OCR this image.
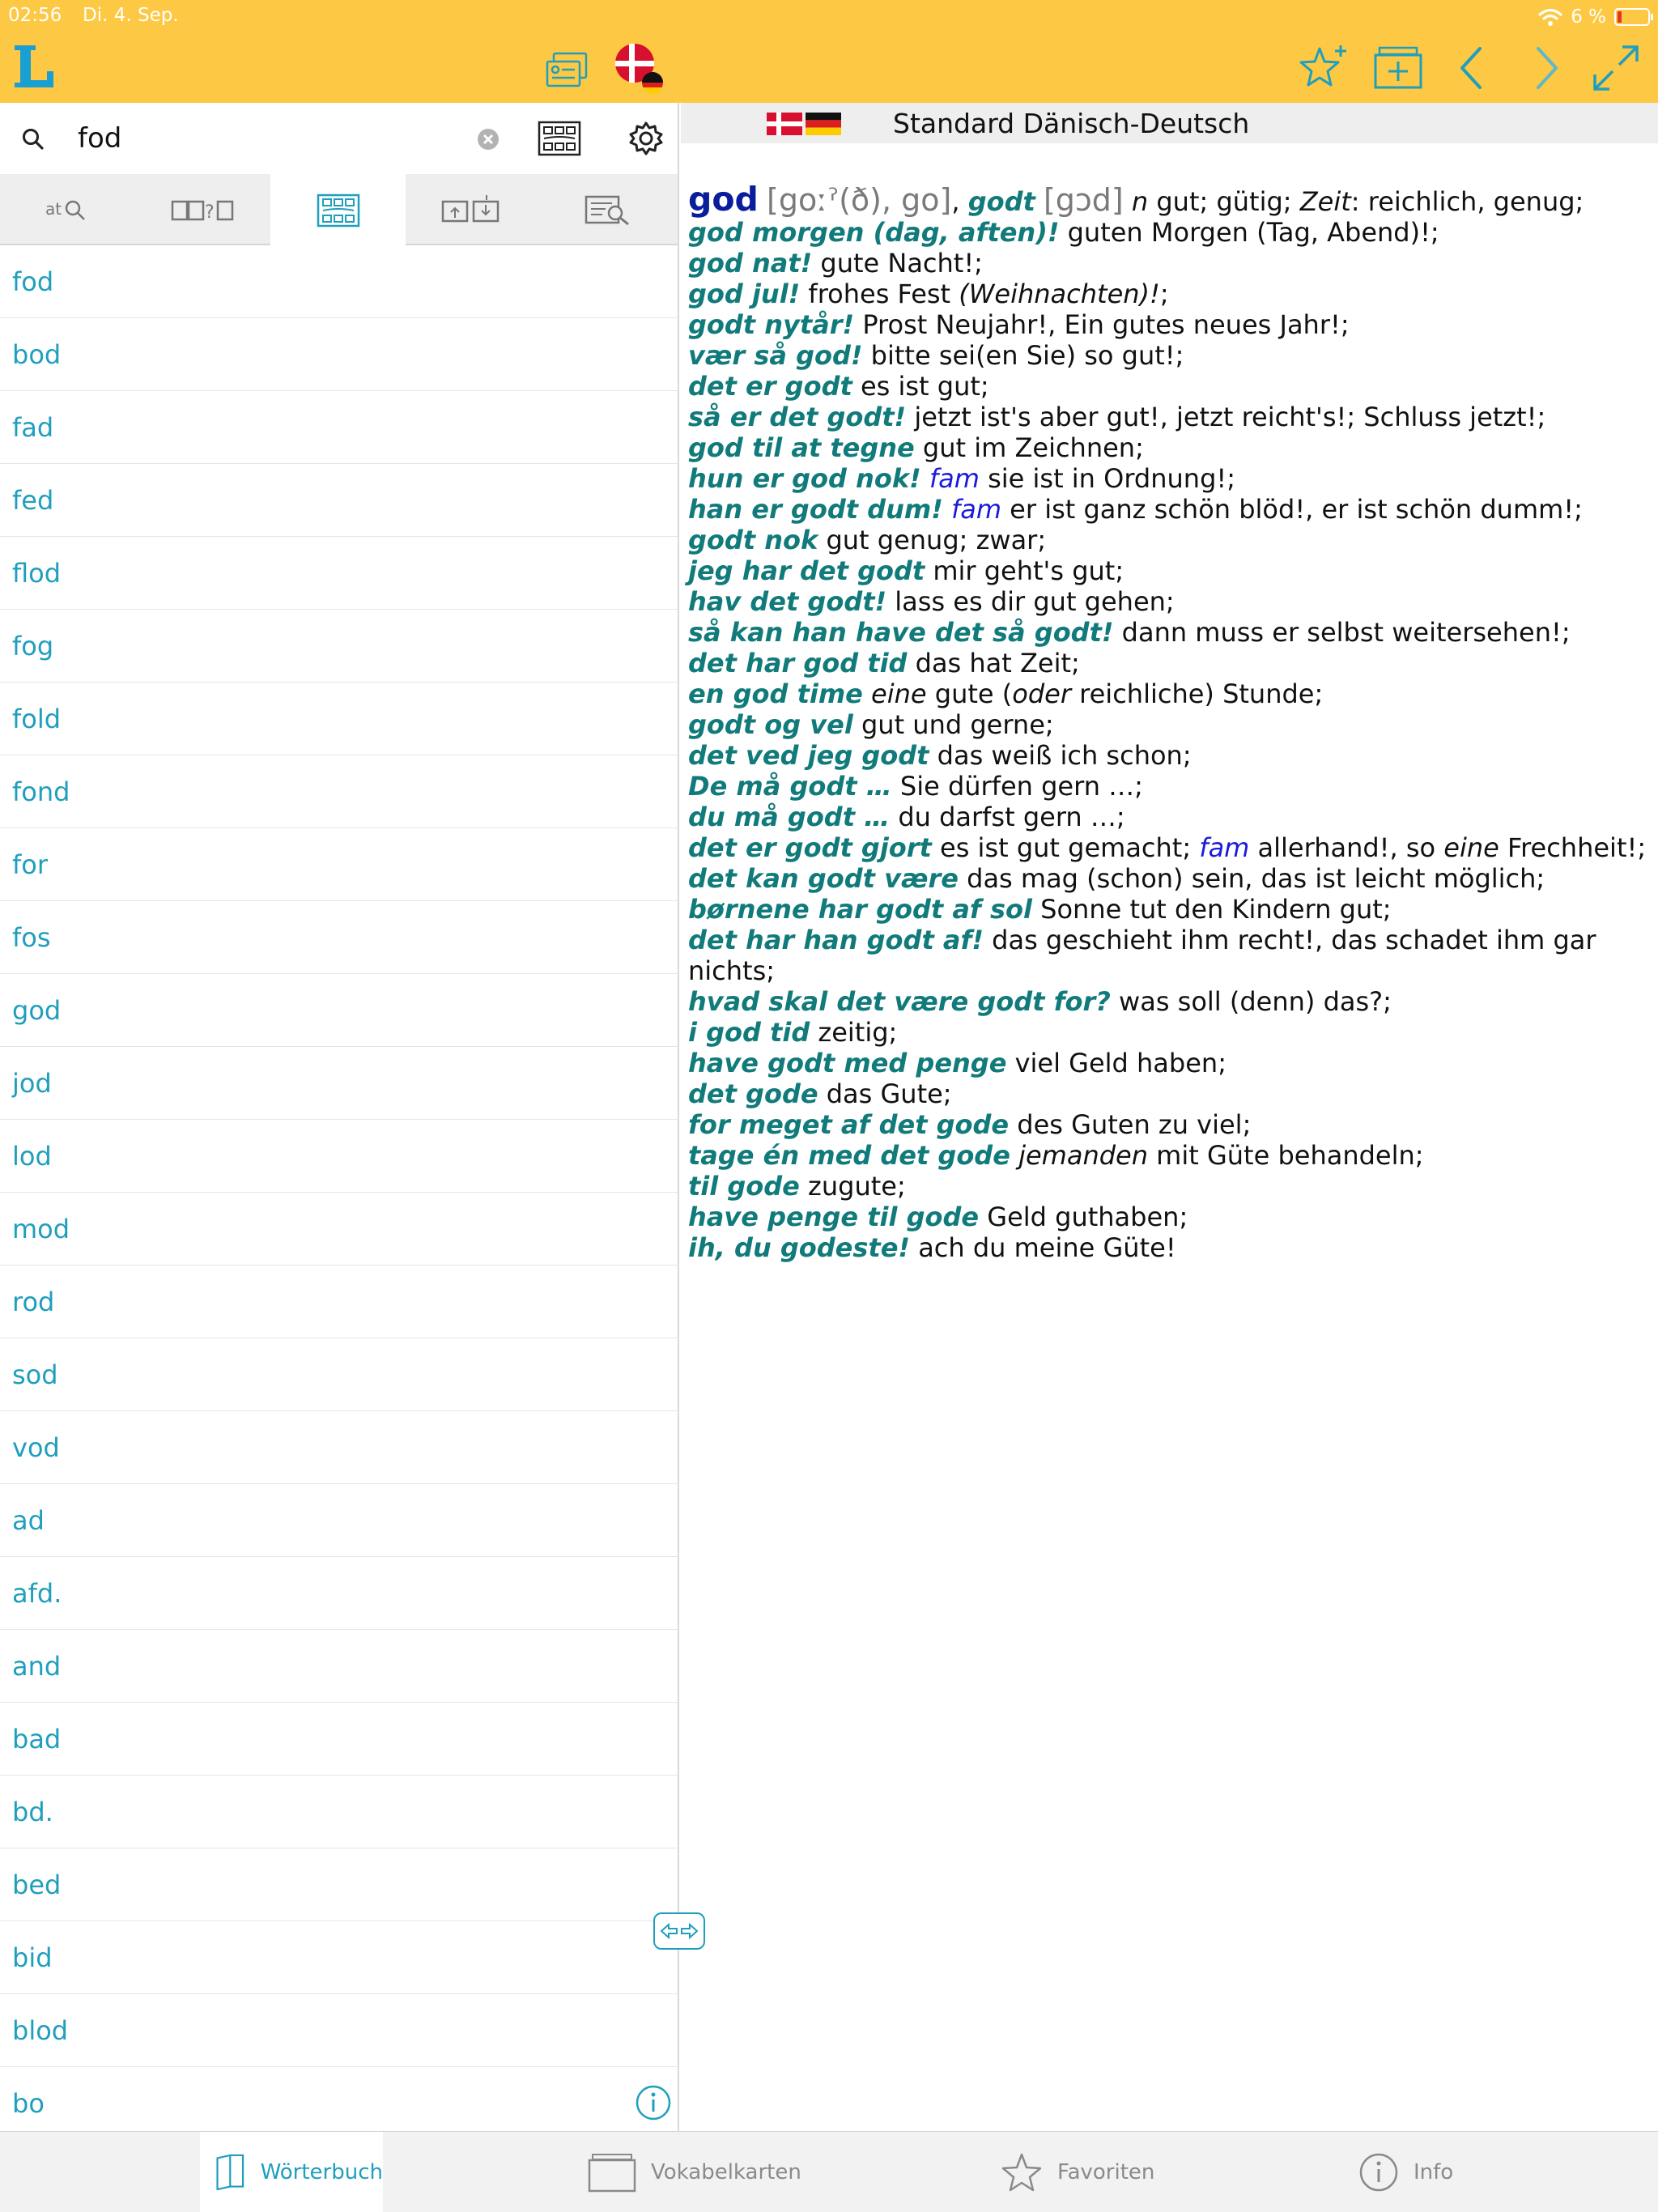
02:56 Di. 4. Sep.	6 %
fod
at	?
fod
bod
fad
fed
flod
fog
fold
fond
for
fos
god
jod
lod
mod
rod
sod
vod
ad
afd.
and
bad
bd.
bed
bid
blod
bo
Standard Dänisch-Deutsch
god [goːˀ(ð), go], godt [gɔd] n gut; gütig; Zeit: reichlich, genug;
god morgen (dag, aften)! guten Morgen (Tag, Abend)!;
god nat! gute Nacht!;
god jul! frohes Fest (Weihnachten)!;
godt nytår! Prost Neujahr!, Ein gutes neues Jahr!;
vær så god! bitte sei(en Sie) so gut!;
det er godt es ist gut;
så er det godt! jetzt ist's aber gut!, jetzt reicht's!; Schluss jetzt!;
god til at tegne gut im Zeichnen;
hun er god nok! fam sie ist in Ordnung!;
han er godt dum! fam er ist ganz schön blöd!, er ist schön dumm!;
godt nok gut genug; zwar;
jeg har det godt mir geht's gut;
hav det godt! lass es dir gut gehen;
så kan han have det så godt! dann muss er selbst weitersehen!;
det har god tid das hat Zeit;
en god time eine gute (oder reichliche) Stunde;
godt og vel gut und gerne;
det ved jeg godt das weiß ich schon;
De må godt … Sie dürfen gern …;
du må godt … du darfst gern …;
det er godt gjort es ist gut gemacht; fam allerhand!, so eine Frechheit!;
det kan godt være das mag (schon) sein, das ist leicht möglich;
børnene har godt af sol Sonne tut den Kindern gut;
det har han godt af! das geschieht ihm recht!, das schadet ihm gar
nichts;
hvad skal det være godt for? was soll (denn) das?;
i god tid zeitig;
have godt med penge viel Geld haben;
det gode das Gute;
for meget af det gode des Guten zu viel;
tage én med det gode jemanden mit Güte behandeln;
til gode zugute;
have penge til gode Geld guthaben;
ih, du godeste! ach du meine Güte!
Wörterbuch	Vokabelkarten	Favoriten	Info
